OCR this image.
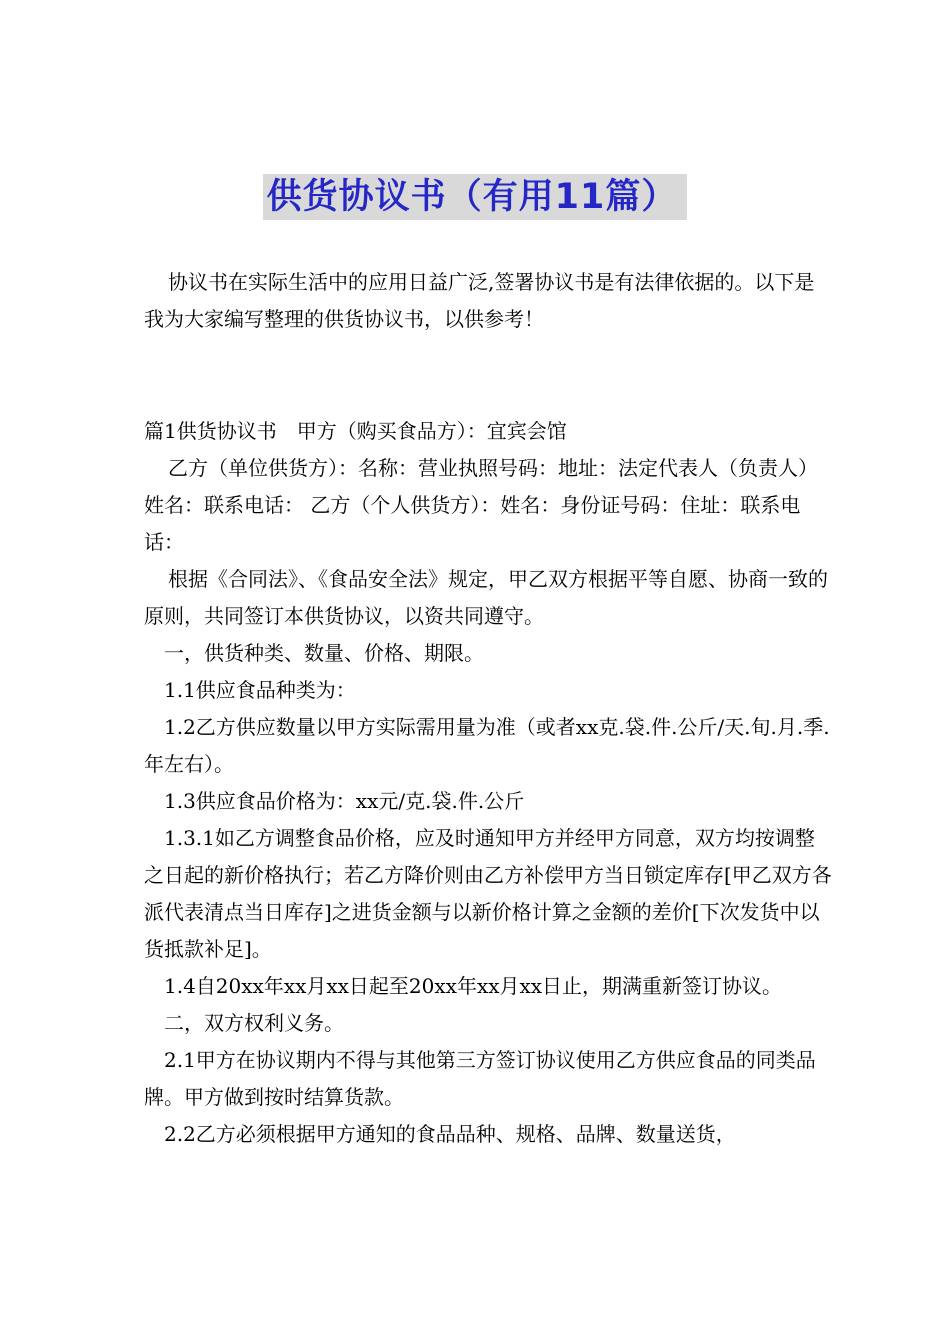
供货协议书（有用11篇）

协议书在实际生活中的应用日益广泛,签署协议书是有法律依据的。以下是我为大家编写整理的供货协议书，以供参考！

篇1供货协议书　甲方（购买食品方）：宜宾会馆

乙方（单位供货方）：名称：营业执照号码：地址：法定代表人（负责人）姓名：联系电话： 乙方（个人供货方）：姓名：身份证号码：住址：联系电话：

根据《合同法》、《食品安全法》规定，甲乙双方根据平等自愿、协商一致的原则，共同签订本供货协议，以资共同遵守。

一，供货种类、数量、价格、期限。

1.1供应食品种类为：

1.2乙方供应数量以甲方实际需用量为准（或者xx克.袋.件.公斤/天.旬.月.季.年左右）。

1.3供应食品价格为：xx元/克.袋.件.公斤

1.3.1如乙方调整食品价格，应及时通知甲方并经甲方同意，双方均按调整之日起的新价格执行；若乙方降价则由乙方补偿甲方当日锁定库存[甲乙双方各派代表清点当日库存]之进货金额与以新价格计算之金额的差价[下次发货中以货抵款补足]。

1.4自20xx年xx月xx日起至20xx年xx月xx日止，期满重新签订协议。

二，双方权利义务。

2.1甲方在协议期内不得与其他第三方签订协议使用乙方供应食品的同类品牌。甲方做到按时结算货款。

2.2乙方必须根据甲方通知的食品品种、规格、品牌、数量送货，
